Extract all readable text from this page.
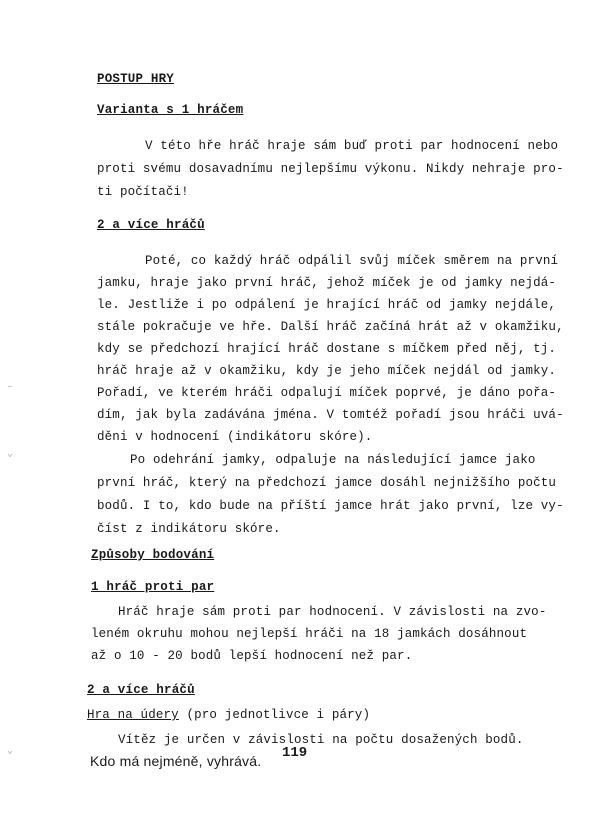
POSTUP HRY
Varianta s 1 hráčem
V této hře hráč hraje sám buď proti par hodnocení nebo
proti svému dosavadnímu nejlepšímu výkonu. Nikdy nehraje pro-
ti počítači!
2 a více hráčů
Poté, co každý hráč odpálil svůj míček směrem na první
jamku, hraje jako první hráč, jehož míček je od jamky nejdá-
le. Jestliže i po odpálení je hrající hráč od jamky nejdále,
stále pokračuje ve hře. Další hráč začíná hrát až v okamžiku,
kdy se předchozí hrající hráč dostane s míčkem před něj, tj.
hráč hraje až v okamžiku, kdy je jeho míček nejdál od jamky.
Pořadí, ve kterém hráči odpalují míček poprvé, je dáno pořa-
dím, jak byla zadávána jména. V tomtéž pořadí jsou hráči uvá-
děni v hodnocení (indikátoru skóre).
Po odehrání jamky, odpaluje na následující jamce jako
první hráč, který na předchozí jamce dosáhl nejnižšího počtu
bodů. I to, kdo bude na příští jamce hrát jako první, lze vy-
číst z indikátoru skóre.
Způsoby bodování
1 hráč proti par
Hráč hraje sám proti par hodnocení. V závislosti na zvo-
leném okruhu mohou nejlepší hráči na 18 jamkách dosáhnout
až o 10 - 20 bodů lepší hodnocení než par.
2 a více hráčů
Hra na údery (pro jednotlivce i páry)
Vítěz je určen v závislosti na počtu dosažených bodů.
Kdo má nejméně, vyhrává. 119
–
⌄
⌄
